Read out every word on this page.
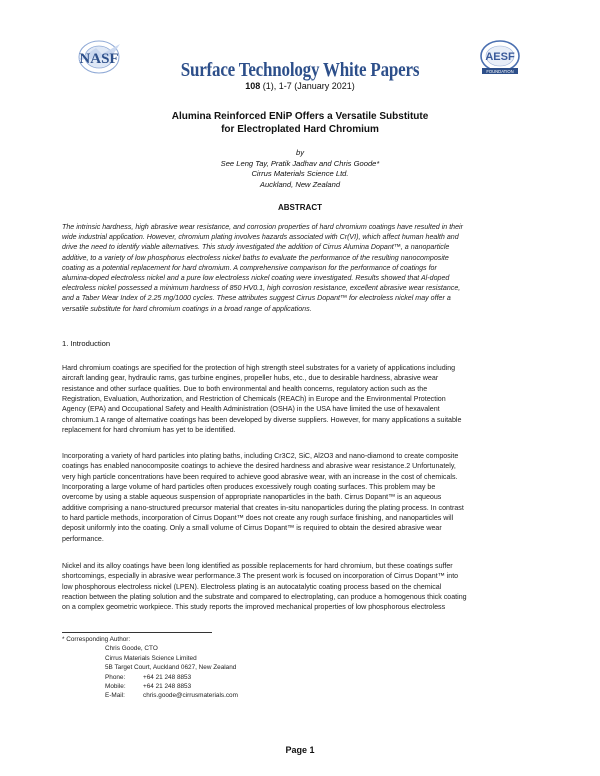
NASF	AESF
FOUNDATION
Surface Technology White Papers
108 (1), 1-7 (January 2021)
Alumina Reinforced ENiP Offers a Versatile Substitute
for Electroplated Hard Chromium
by
See Leng Tay, Pratik Jadhav and Chris Goode*
Cirrus Materials Science Ltd.
Auckland, New Zealand
ABSTRACT
The intrinsic hardness, high abrasive wear resistance, and corrosion properties of hard chromium coatings have resulted in their
wide industrial application. However, chromium plating involves hazards associated with Cr(VI), which affect human health and
drive the need to identify viable alternatives. This study investigated the addition of Cirrus Alumina Dopant™, a nanoparticle
additive, to a variety of low phosphorus electroless nickel baths to evaluate the performance of the resulting nanocomposite
coating as a potential replacement for hard chromium. A comprehensive comparison for the performance of coatings for
alumina-doped electroless nickel and a pure low electroless nickel coating were investigated. Results showed that Al-doped
electroless nickel possessed a minimum hardness of 850 HV0.1, high corrosion resistance, excellent abrasive wear resistance,
and a Taber Wear Index of 2.25 mg/1000 cycles. These attributes suggest Cirrus Dopant™ for electroless nickel may offer a
versatile substitute for hard chromium coatings in a broad range of applications.
1. Introduction
Hard chromium coatings are specified for the protection of high strength steel substrates for a variety of applications including
aircraft landing gear, hydraulic rams, gas turbine engines, propeller hubs, etc., due to desirable hardness, abrasive wear
resistance and other surface qualities. Due to both environmental and health concerns, regulatory action such as the
Registration, Evaluation, Authorization, and Restriction of Chemicals (REACh) in Europe and the Environmental Protection
Agency (EPA) and Occupational Safety and Health Administration (OSHA) in the USA have limited the use of hexavalent
chromium.1 A range of alternative coatings has been developed by diverse suppliers. However, for many applications a suitable
replacement for hard chromium has yet to be identified.
Incorporating a variety of hard particles into plating baths, including Cr3C2, SiC, Al2O3 and nano-diamond to create composite
coatings has enabled nanocomposite coatings to achieve the desired hardness and abrasive wear resistance.2 Unfortunately,
very high particle concentrations have been required to achieve good abrasive wear, with an increase in the cost of chemicals.
Incorporating a large volume of hard particles often produces excessively rough coating surfaces. This problem may be
overcome by using a stable aqueous suspension of appropriate nanoparticles in the bath. Cirrus Dopant™ is an aqueous
additive comprising a nano-structured precursor material that creates in-situ nanoparticles during the plating process. In contrast
to hard particle methods, incorporation of Cirrus Dopant™ does not create any rough surface finishing, and nanoparticles will
deposit uniformly into the coating. Only a small volume of Cirrus Dopant™ is required to obtain the desired abrasive wear
performance.
Nickel and its alloy coatings have been long identified as possible replacements for hard chromium, but these coatings suffer
shortcomings, especially in abrasive wear performance.3 The present work is focused on incorporation of Cirrus Dopant™ into
low phosphorous electroless nickel (LPEN). Electroless plating is an autocatalytic coating process based on the chemical
reaction between the plating solution and the substrate and compared to electroplating, can produce a homogenous thick coating
on a complex geometric workpiece. This study reports the improved mechanical properties of low phosphorous electroless
* Corresponding Author:
Chris Goode, CTO
Cirrus Materials Science Limited
5B Target Court, Auckland 0627, New Zealand
Phone:	+64 21 248 8853
Mobile:	+64 21 248 8853
E-Mail:	chris.goode@cirrusmaterials.com
Page 1
